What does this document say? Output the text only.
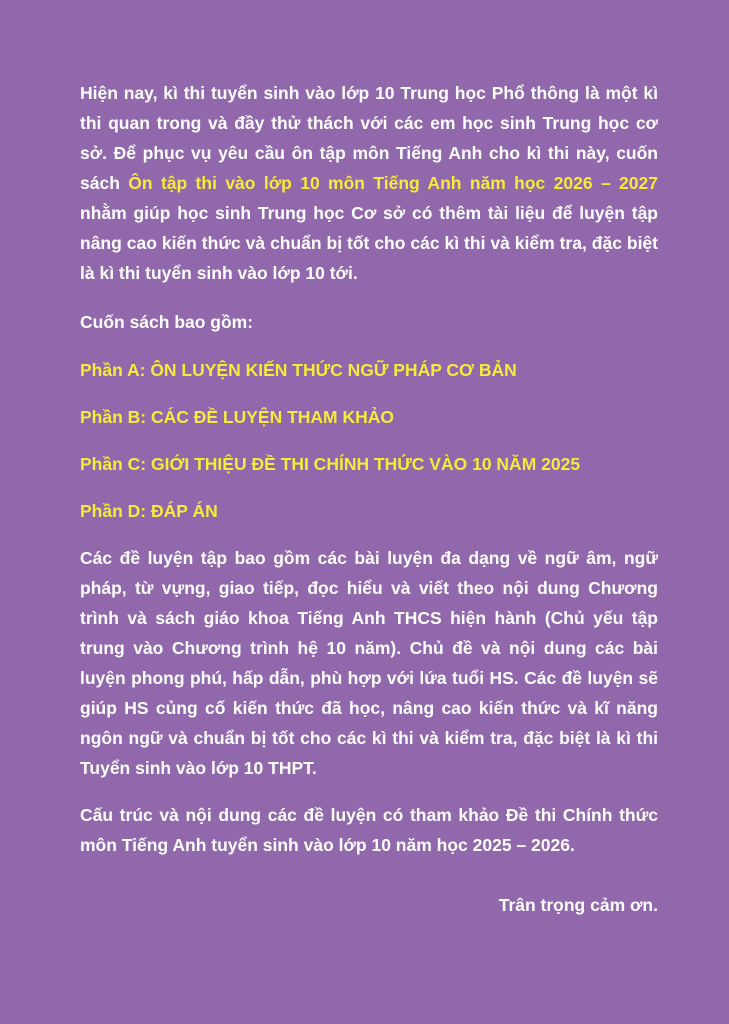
Hiện nay, kì thi tuyển sinh vào lớp 10 Trung học Phổ thông là một kì thi quan trong và đầy thử thách với các em học sinh Trung học cơ sở. Để phục vụ yêu cầu ôn tập môn Tiếng Anh cho kì thi này, cuốn sách Ôn tập thi vào lớp 10 môn Tiếng Anh năm học 2026 – 2027 nhằm giúp học sinh Trung học Cơ sở có thêm tài liệu để luyện tập nâng cao kiến thức và chuẩn bị tốt cho các kì thi và kiểm tra, đặc biệt là kì thi tuyển sinh vào lớp 10 tới.

Cuốn sách bao gồm:

Phần A: ÔN LUYỆN KIẾN THỨC NGỮ PHÁP CƠ BẢN

Phần B: CÁC ĐỀ LUYỆN THAM KHẢO

Phần C: GIỚI THIỆU ĐỀ THI CHÍNH THỨC VÀO 10 NĂM 2025

Phần D: ĐÁP ÁN

Các đề luyện tập bao gồm các bài luyện đa dạng về ngữ âm, ngữ pháp, từ vựng, giao tiếp, đọc hiểu và viết theo nội dung Chương trình và sách giáo khoa Tiếng Anh THCS hiện hành (Chủ yếu tập trung vào Chương trình hệ 10 năm). Chủ đề và nội dung các bài luyện phong phú, hấp dẫn, phù hợp với lứa tuổi HS. Các đề luyện sẽ giúp HS củng cố kiến thức đã học, nâng cao kiến thức và kĩ năng ngôn ngữ và chuẩn bị tốt cho các kì thi và kiểm tra, đặc biệt là kì thi Tuyển sinh vào lớp 10 THPT.

Cấu trúc và nội dung các đề luyện có tham khảo Đề thi Chính thức môn Tiếng Anh tuyển sinh vào lớp 10 năm học 2025 – 2026.

Trân trọng cảm ơn.
